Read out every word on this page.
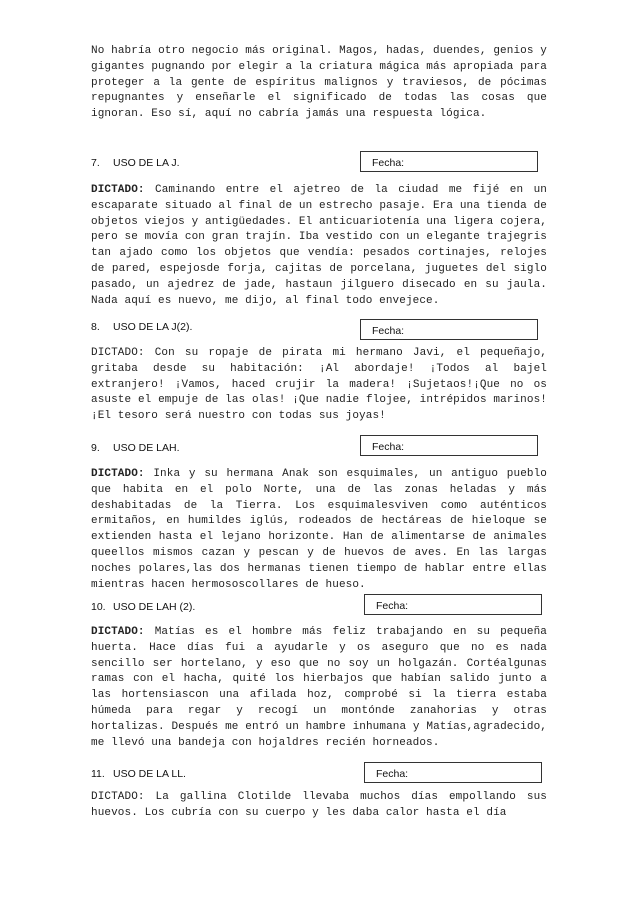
No habría otro negocio más original. Magos, hadas, duendes, genios y gigantes pugnando por elegir a la criatura mágica más apropiada para proteger a la gente de espíritus malignos y traviesos, de pócimas repugnantes y enseñarle el significado de todas las cosas que ignoran. Eso sí, aquí no cabría jamás una respuesta lógica.

7. USO DE LA J.	Fecha:

DICTADO: Caminando entre el ajetreo de la ciudad me fijé en un escaparate situado al final de un estrecho pasaje. Era una tienda de objetos viejos y antigüedades. El anticuariotenía una ligera cojera, pero se movía con gran trajín. Iba vestido con un elegante trajegris tan ajado como los objetos que vendía: pesados cortinajes, relojes de pared, espejosde forja, cajitas de porcelana, juguetes del siglo pasado, un ajedrez de jade, hastaun jilguero disecado en su jaula. Nada aquí es nuevo, me dijo, al final todo envejece.

8. USO DE LA J(2).	Fecha:

DICTADO: Con su ropaje de pirata mi hermano Javi, el pequeñajo, gritaba desde su habitación: ¡Al abordaje! ¡Todos al bajel extranjero! ¡Vamos, haced crujir la madera! ¡Sujetaos!¡Que no os asuste el empuje de las olas! ¡Que nadie flojee, intrépidos marinos!¡El tesoro será nuestro con todas sus joyas!

9. USO DE LAH.	Fecha:

DICTADO: Inka y su hermana Anak son esquimales, un antiguo pueblo que habita en el polo Norte, una de las zonas heladas y más deshabitadas de la Tierra. Los esquimalesviven como auténticos ermitaños, en humildes iglús, rodeados de hectáreas de hieloque se extienden hasta el lejano horizonte. Han de alimentarse de animales queellos mismos cazan y pescan y de huevos de aves. En las largas noches polares,las dos hermanas tienen tiempo de hablar entre ellas mientras hacen hermososcollares de hueso.

10. USO DE LAH (2).	Fecha:

DICTADO: Matías es el hombre más feliz trabajando en su pequeña huerta. Hace días fui a ayudarle y os aseguro que no es nada sencillo ser hortelano, y eso que no soy un holgazán. Cortéalgunas ramas con el hacha, quité los hierbajos que habían salido junto a las hortensiascon una afilada hoz, comprobé si la tierra estaba húmeda para regar y recogí un montónde zanahorias y otras hortalizas. Después me entró un hambre inhumana y Matías,agradecido, me llevó una bandeja con hojaldres recién horneados.

11. USO DE LA LL.	Fecha:

DICTADO: La gallina Clotilde llevaba muchos días empollando sus huevos. Los cubría con su cuerpo y les daba calor hasta el día
